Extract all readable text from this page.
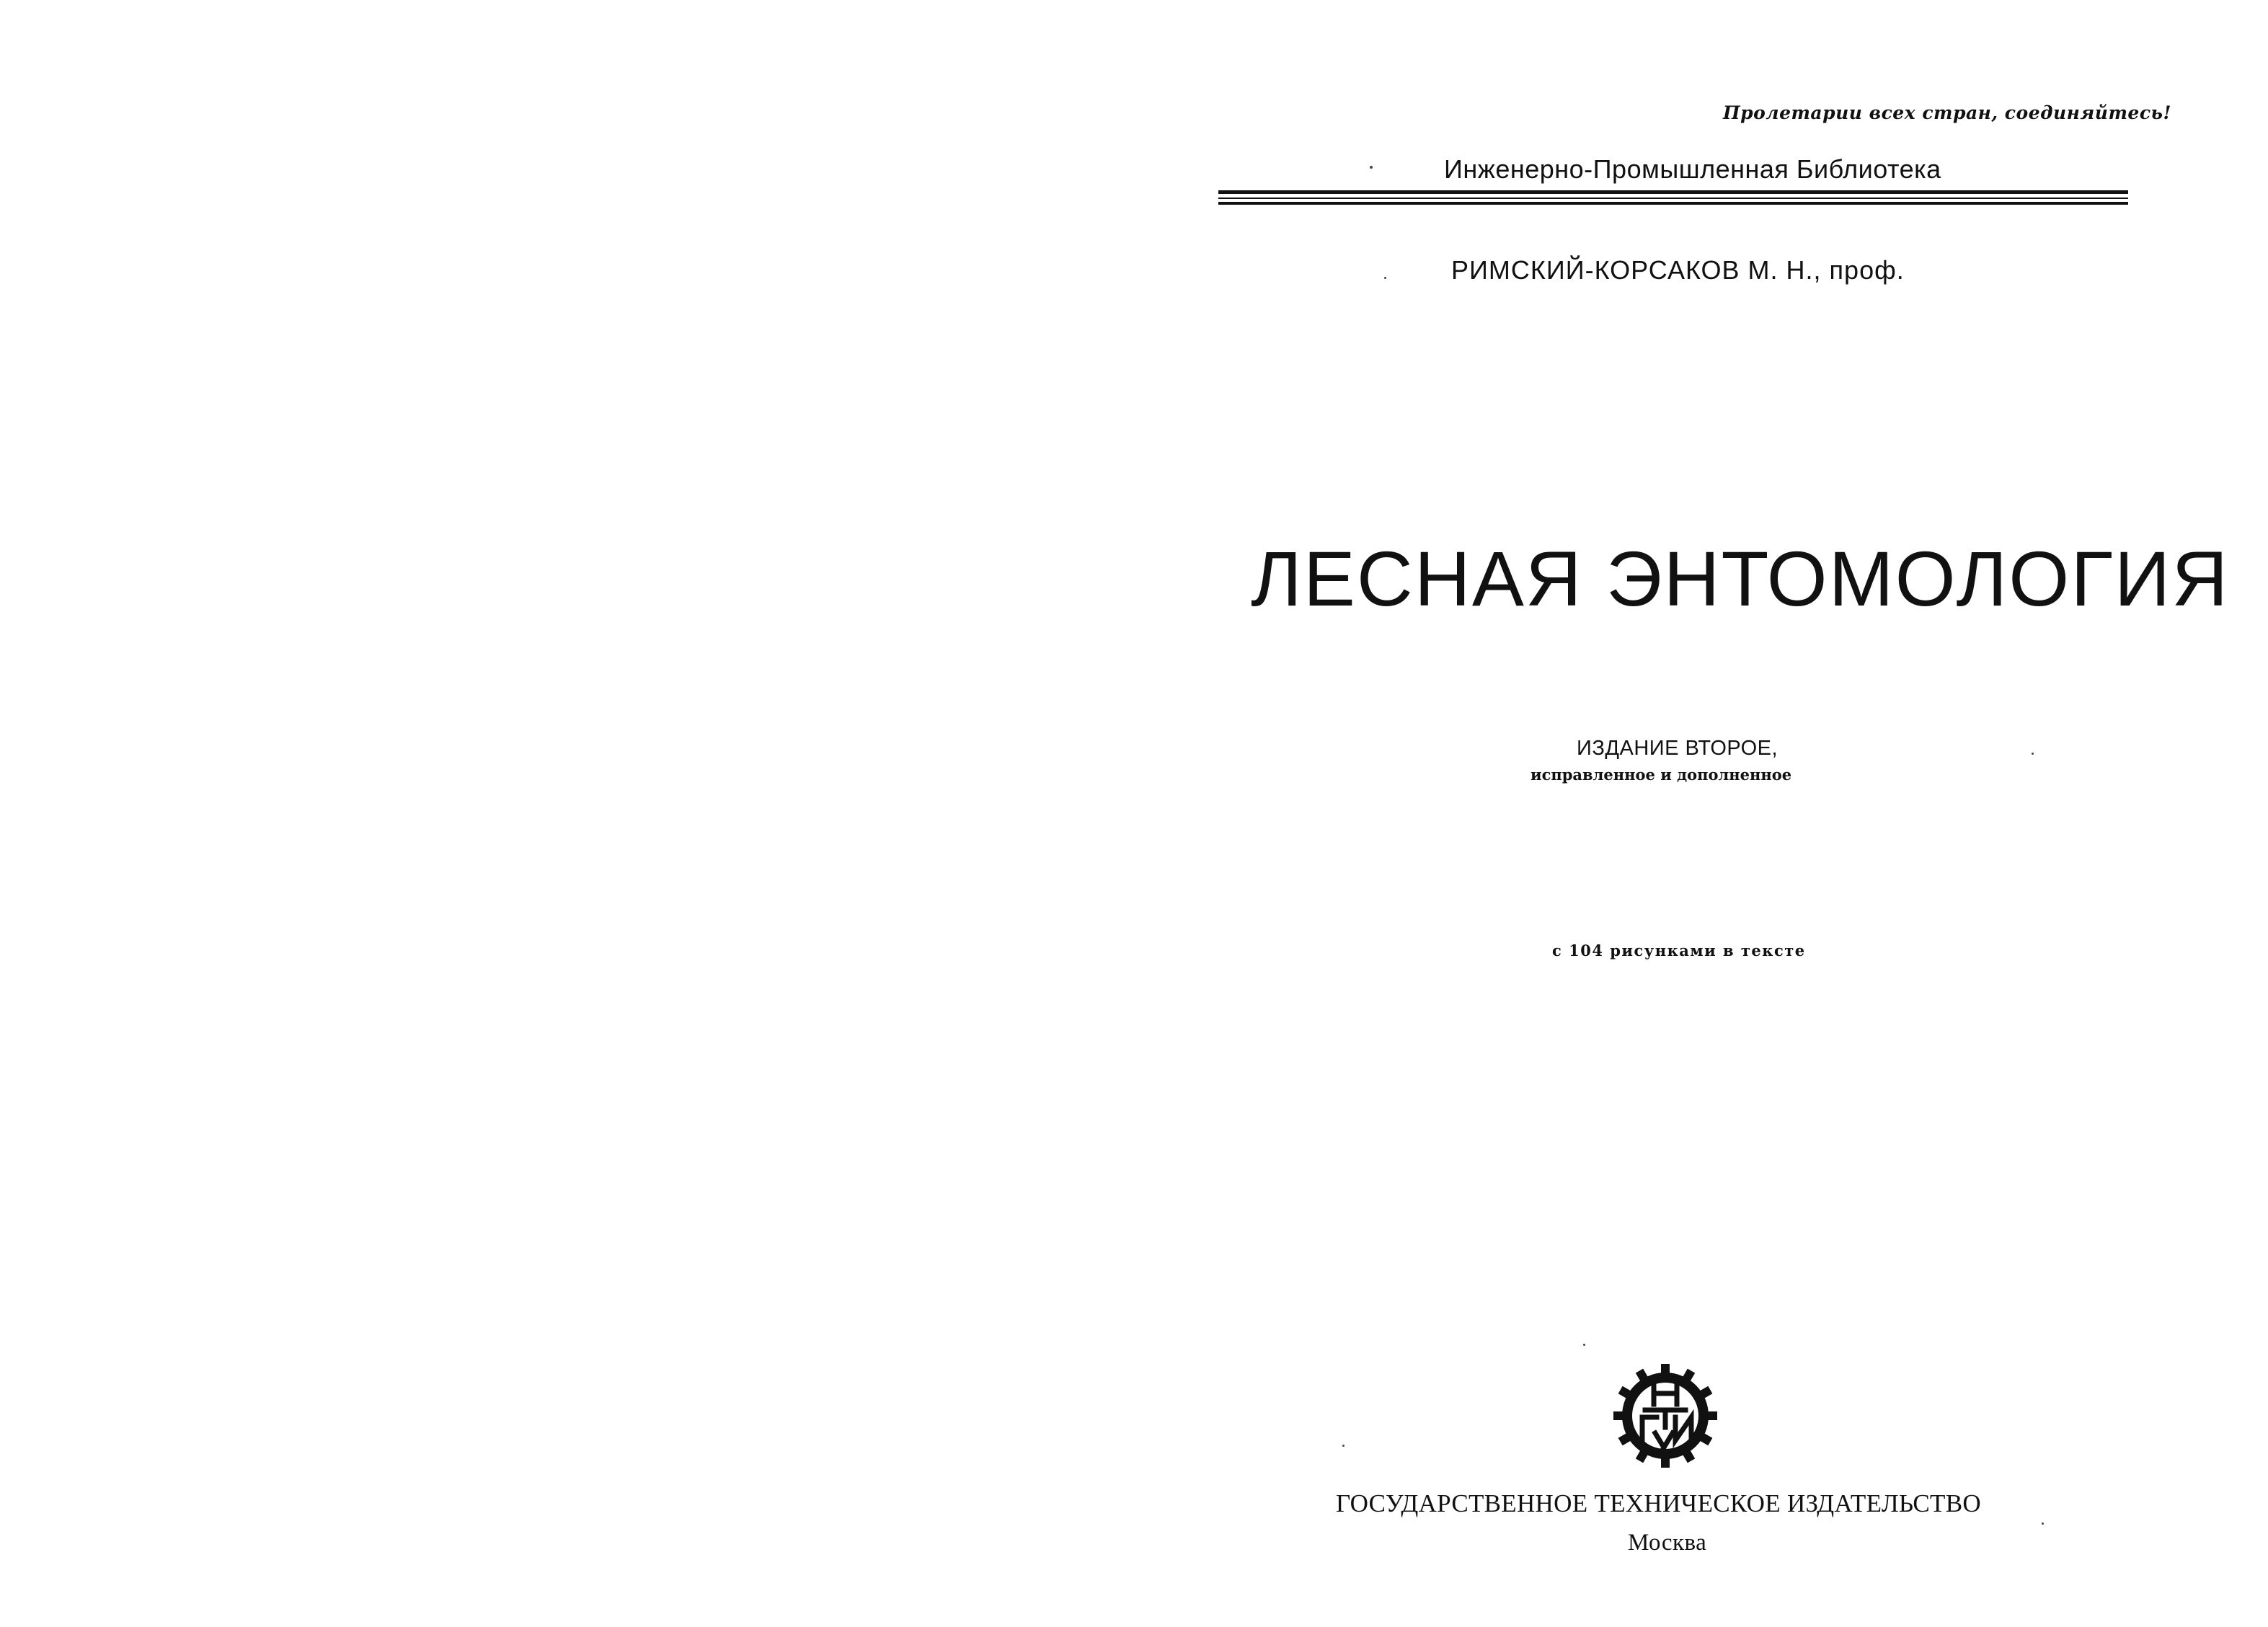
Пролетарии всех стран, соединяйтесь!
Инженерно-Промышленная Библиотека
РИМСКИЙ-КОРСАКОВ М. Н., проф.
ЛЕСНАЯ ЭНТОМОЛОГИЯ
ИЗДАНИЕ ВТОРОЕ,
исправленное и дополненное
с 104 рисунками в тексте
ГОСУДАРСТВЕННОЕ ТЕХНИЧЕСКОЕ ИЗДАТЕЛЬСТВО
Москва
